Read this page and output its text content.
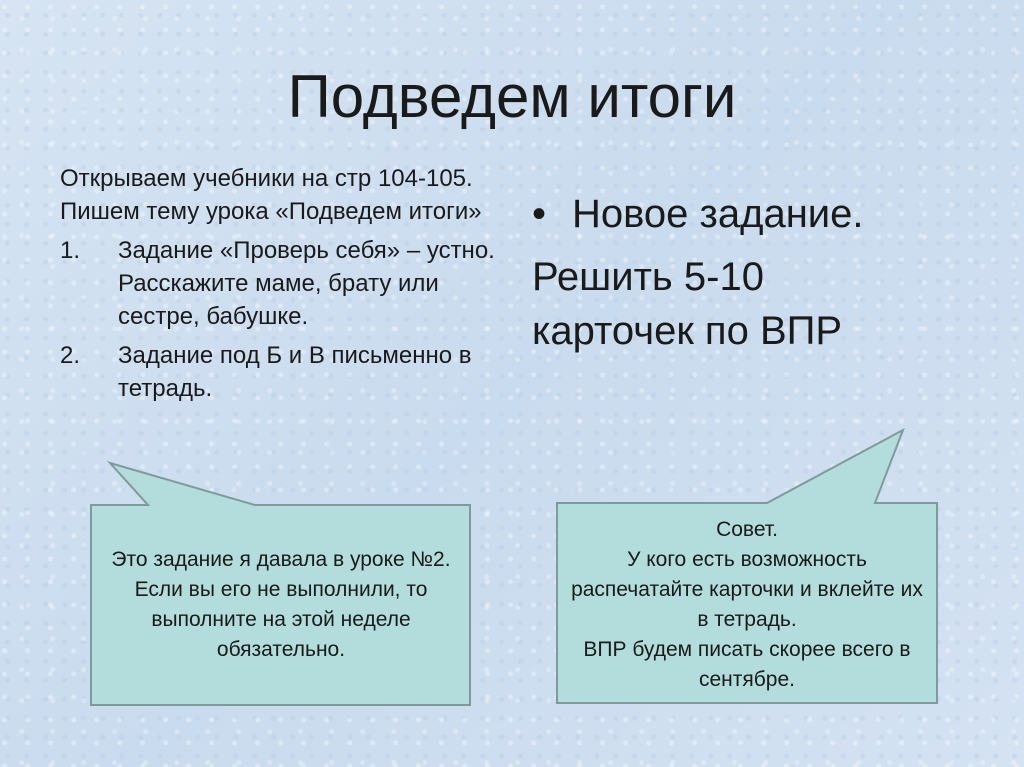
Подведем итоги

Открываем учебники на стр 104-105. Пишем тему урока «Подведем итоги»

1.	Задание «Проверь себя» – устно. Расскажите маме, брату или сестре, бабушке.
2.	Задание под Б и В письменно в тетрадь.
• Новое задание.
Решить 5-10
карточек по ВПР
Это задание я давала в уроке №2. Если вы его не выполнили, то выполните на этой неделе обязательно.
Совет.
У кого есть возможность распечатайте карточки и вклейте их в тетрадь.
ВПР будем писать скорее всего в сентябре.
